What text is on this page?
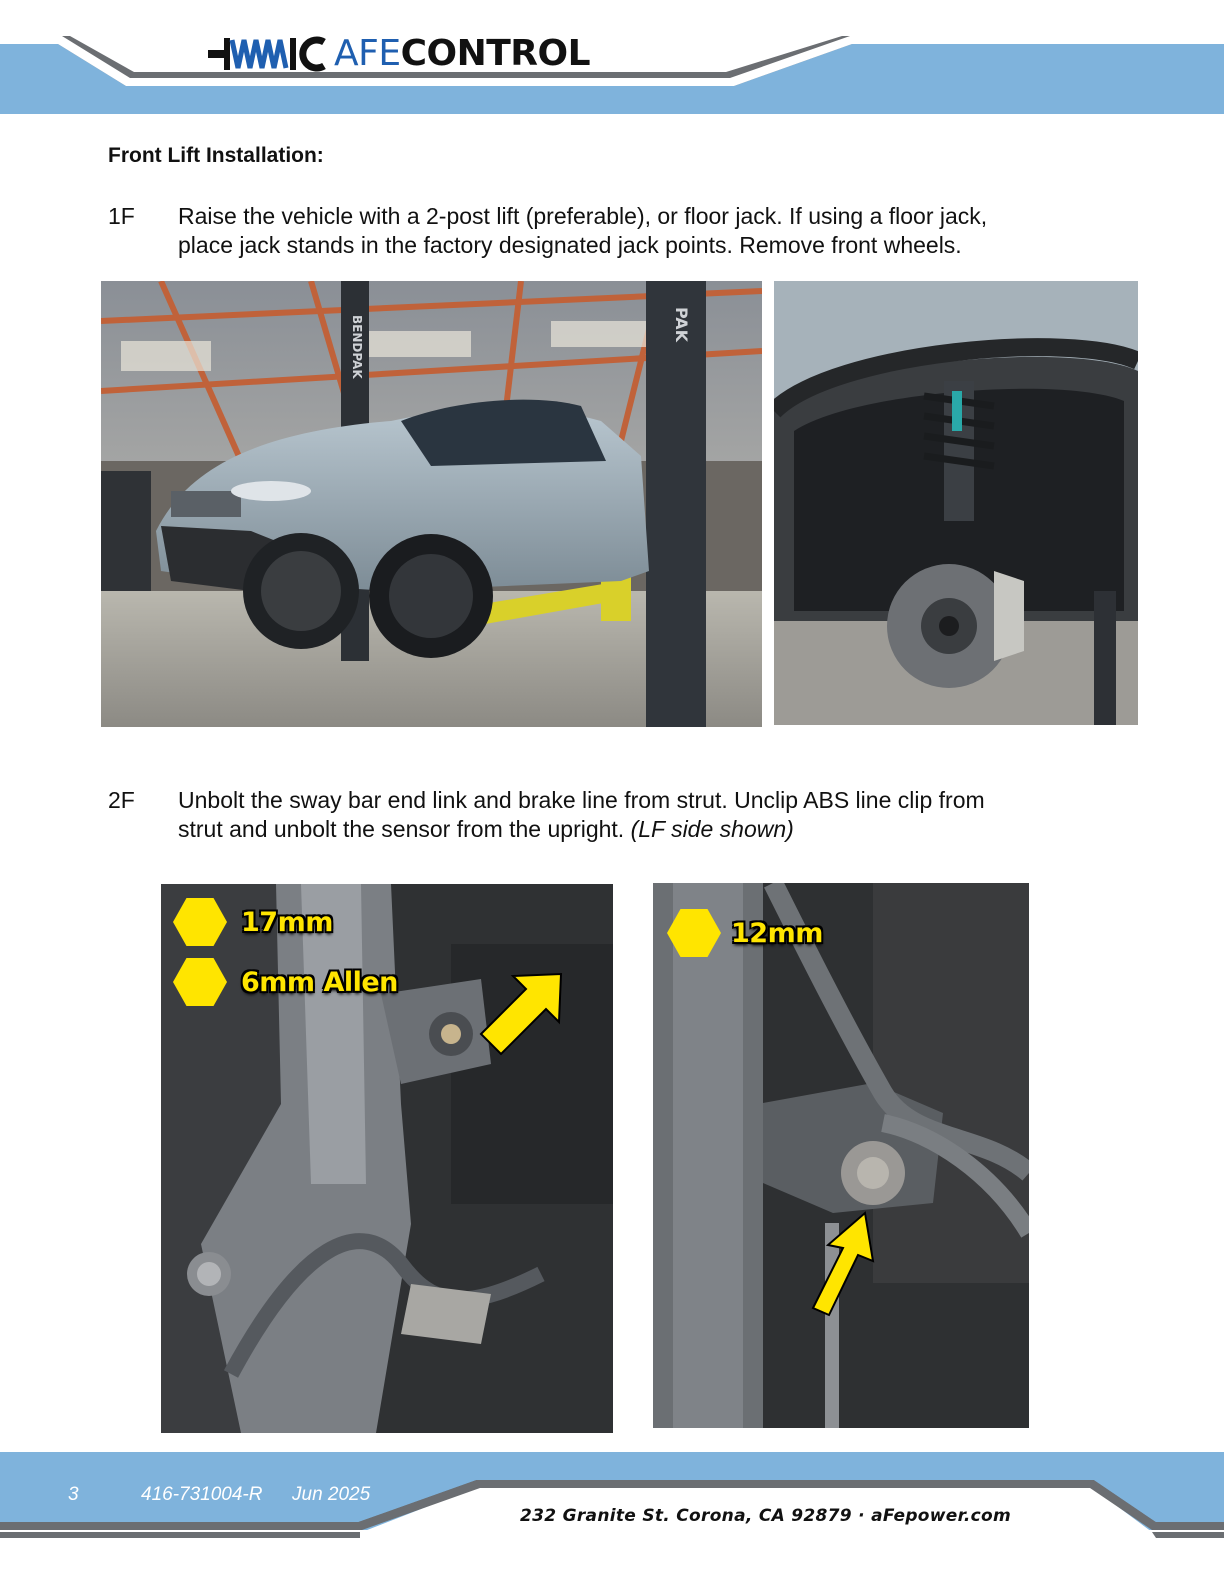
AFECONTROL
Front Lift Installation:
1F	Raise the vehicle with a 2-post lift (preferable), or floor jack. If using a floor jack,
place jack stands in the factory designated jack points. Remove front wheels.
PAK
BENDPAK
2F	Unbolt the sway bar end link and brake line from strut. Unclip ABS line clip from
strut and unbolt the sensor from the upright. (LF side shown)
17mm
6mm Allen
12mm
3	416-731004-R Jun 2025
232 Granite St. Corona, CA 92879 · aFepower.com
